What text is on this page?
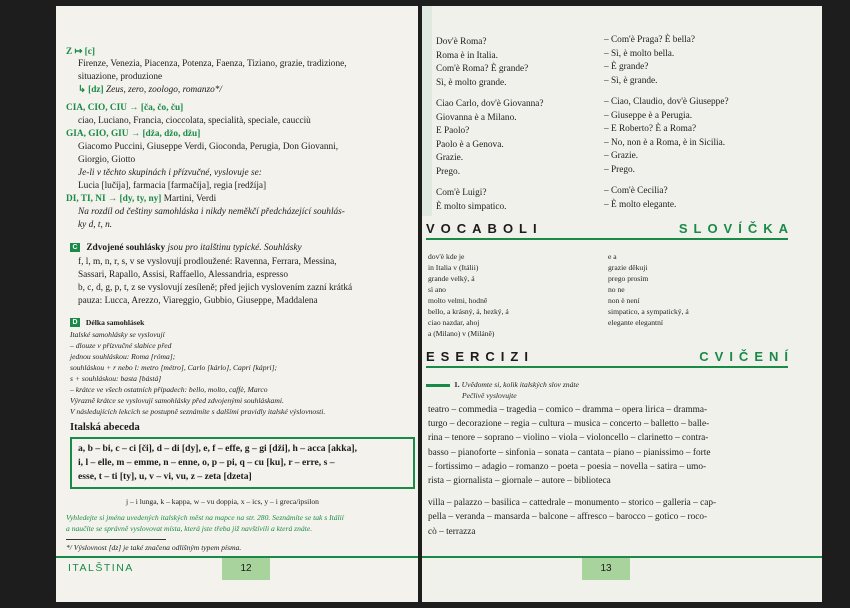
Z ↦ [c]
Firenze, Venezia, Piacenza, Potenza, Faenza, Tiziano, grazie, tradizione,
situazione, produzione
↳ [dz] Zeus, zero, zoologo, romanzo*/
CIA, CIO, CIU → [ča, čo, ču]
ciao, Luciano, Francia, cioccolata, specialità, speciale, caucciù
GIA, GIO, GIU → [dža, džo, džu]
Giacomo Puccini, Giuseppe Verdi, Gioconda, Perugia, Don Giovanni,
Giorgio, Giotto
Je-li v těchto skupinách i přízvučné, vyslovuje se:
Lucia [lučíja], farmacia [farmačíja], regia [redžíja]
DI, TI, NI → [dy, ty, ny] Martini, Verdi
Na rozdíl od češtiny samohláska i nikdy neměkčí předcházející souhlás-
ky d, t, n.
C Zdvojené souhlásky jsou pro italštinu typické. Souhlásky
f, l, m, n, r, s, v se vyslovují prodloužené: Ravenna, Ferrara, Messina,
Sassari, Rapallo, Assisi, Raffaello, Alessandria, espresso
b, c, d, g, p, t, z se vyslovují zesíleně; před jejich vyslovením zazní krátká
pauza: Lucca, Arezzo, Viareggio, Gubbio, Giuseppe, Maddalena
D Délka samohlásek
Italské samohlásky se vyslovují
– dlouze v přízvučné slabice před
jednou souhláskou: Roma [róma];
souhláskou + r nebo l: metro [métro], Carlo [kárlo], Capri [kápri];
s + souhláskou: basta [bástá]
– krátce ve všech ostatních případech: bello, molto, caffè, Marco
Výrazně krátce se vyslovují samohlásky před zdvojenými souhláskami.
V následujících lekcích se postupně seznámíte s dalšími pravidly italské výslovnosti.
Italská abeceda
a, b – bi, c – ci [či], d – di [dy], e, f – effe, g – gi [dži], h – acca [akka],
i, l – elle, m – emme, n – enne, o, p – pi, q – cu [ku], r – erre, s –
esse, t – ti [ty], u, v – vi, vu, z – zeta [dzeta]
j – i lunga, k – kappa, w – vu doppia, x – ics, y – i greca/ipsilon
Vyhledejte si jména uvedených italských měst na mapce na str. 280. Seznámíte se tak s Itálií
a naučíte se správně vyslovovat místa, která jste třeba již navštívili a která znáte.
*/ Výslovnost [dz] je také značena odlišným typem písma.
ITALŠTINA	12
Dov'è Roma?
Roma è in Italia.
Com'è Roma? È grande?
Sì, è molto grande.
Ciao Carlo, dov'è Giovanna?
Giovanna è a Milano.
E Paolo?
Paolo è a Genova.
Grazie.
Prego.
Com'è Luigi?
È molto simpatico.
– Com'è Praga? È bella?
– Sì, è molto bella.
– È grande?
– Sì, è grande.
– Ciao, Claudio, dov'è Giuseppe?
– Giuseppe è a Perugia.
– E Roberto? È a Roma?
– No, non è a Roma, è in Sicilia.
– Grazie.
– Prego.
– Com'è Cecilia?
– È molto elegante.
VOCABOLI	SLOVÍČKA
dov'è kde je
in Italia v (Itálii)
grande velký, á
sì ano
molto velmi, hodně
bello, a krásný, á, hezký, á
ciao nazdar, ahoj
a (Milano) v (Miláně)
e a
grazie děkuji
prego prosím
no ne
non è není
simpatico, a sympatický, á
elegante elegantní
ESERCIZI	CVIČENÍ
1. Uvědomte si, kolik italských slov znáte
Pečlivě vyslovujte
teatro – commedia – tragedia – comico – dramma – opera lirica – dramma-
turgo – decorazione – regia – cultura – musica – concerto – balletto – balle-
rina – tenore – soprano – violino – viola – violoncello – clarinetto – contra-
basso – pianoforte – sinfonia – sonata – cantata – piano – pianissimo – forte
– fortissimo – adagio – romanzo – poeta – poesia – novella – satira – umo-
rista – giornalista – giornale – autore – biblioteca
villa – palazzo – basilica – cattedrale – monumento – storico – galleria – cap-
pella – veranda – mansarda – balcone – affresco – barocco – gotico – roco-
cò – terrazza
13
